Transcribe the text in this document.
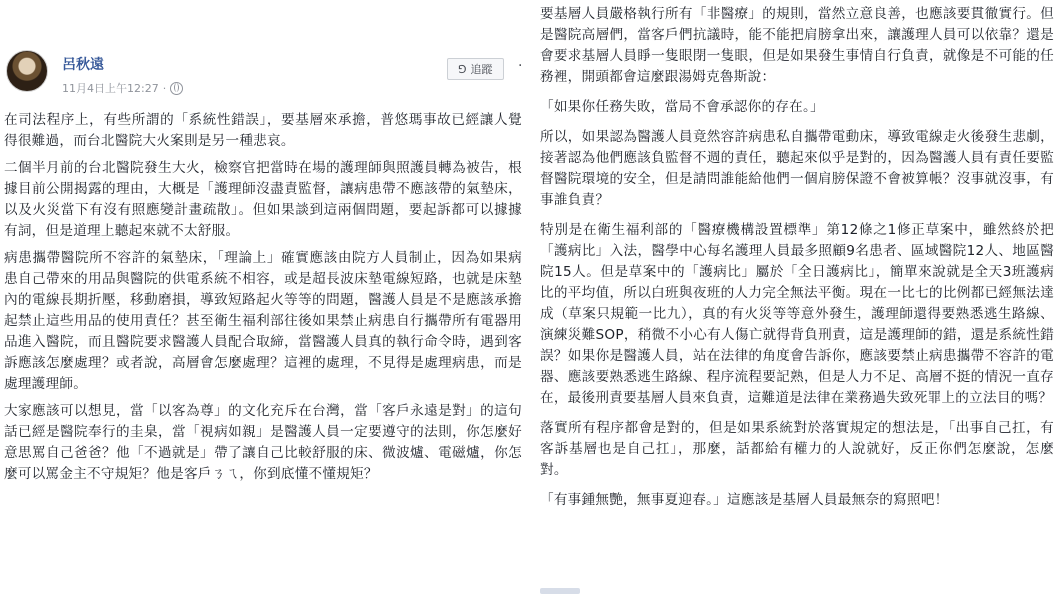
呂秋遠
11月4日上午12:27 ·
⅁ 追蹤 ·

在司法程序上，有些所謂的「系統性錯誤」，要基層來承擔，普悠瑪事故已經讓人覺得很難過，而台北醫院大火案則是另一種悲哀。

二個半月前的台北醫院發生大火，檢察官把當時在場的護理師與照護員轉為被告，根據目前公開揭露的理由，大概是「護理師沒盡責監督，讓病患帶不應該帶的氣墊床，以及火災當下有沒有照應變計畫疏散」。但如果談到這兩個問題，要起訴都可以據據有詞，但是道理上聽起來就不太舒服。

病患攜帶醫院所不容許的氣墊床，「理論上」確實應該由院方人員制止，因為如果病患自己帶來的用品與醫院的供電系統不相容，或是超長波床墊電線短路，也就是床墊內的電線長期折壓，移動磨損，導致短路起火等等的問題，醫護人員是不是應該承擔起禁止這些用品的使用責任？甚至衛生福利部往後如果禁止病患自行攜帶所有電器用品進入醫院，而且醫院要求醫護人員配合取締，當醫護人員真的執行命令時，遇到客訴應該怎麼處理？或者說，高層會怎麼處理？這裡的處理，不見得是處理病患，而是處理護理師。

大家應該可以想見，當「以客為尊」的文化充斥在台灣，當「客戶永遠是對」的這句話已經是醫院奉行的圭臬，當「視病如親」是醫護人員一定要遵守的法則，你怎麼好意思罵自己爸爸？他「不過就是」帶了讓自己比較舒服的床、微波爐、電磁爐，你怎麼可以罵金主不守規矩？他是客戶ㄋㄟ，你到底懂不懂規矩？

要基層人員嚴格執行所有「非醫療」的規則，當然立意良善，也應該要貫徹實行。但是醫院高層們，當客戶們抗議時，能不能把肩膀拿出來，讓護理人員可以依靠？還是會要求基層人員睜一隻眼閉一隻眼，但是如果發生事情自行負責，就像是不可能的任務裡，開頭都會這麼跟湯姆克魯斯說：

「如果你任務失敗，當局不會承認你的存在。」

所以，如果認為醫護人員竟然容許病患私自攜帶電動床，導致電線走火後發生悲劇，接著認為他們應該負監督不週的責任，聽起來似乎是對的，因為醫護人員有責任要監督醫院環境的安全，但是請問誰能給他們一個肩膀保證不會被算帳？沒事就沒事，有事誰負責？

特別是在衛生福利部的「醫療機構設置標準」第12條之1修正草案中，雖然終於把「護病比」入法，醫學中心每名護理人員最多照顧9名患者、區域醫院12人、地區醫院15人。但是草案中的「護病比」屬於「全日護病比」，簡單來說就是全天3班護病比的平均值，所以白班與夜班的人力完全無法平衡。現在一比七的比例都已經無法達成（草案只規範一比九），真的有火災等等意外發生，護理師還得要熟悉逃生路線、演練災難SOP，稍微不小心有人傷亡就得背負刑責，這是護理師的錯，還是系統性錯誤？如果你是醫護人員，站在法律的角度會告訴你，應該要禁止病患攜帶不容許的電器、應該要熟悉逃生路線、程序流程要記熟，但是人力不足、高層不挺的情況一直存在，最後刑責要基層人員來負責，這難道是法律在業務過失致死罪上的立法目的嗎？

落實所有程序都會是對的，但是如果系統對於落實規定的想法是，「出事自己扛，有客訴基層也是自己扛」，那麼，話都給有權力的人說就好，反正你們怎麼說，怎麼對。

「有事鍾無艷，無事夏迎春。」這應該是基層人員最無奈的寫照吧！
